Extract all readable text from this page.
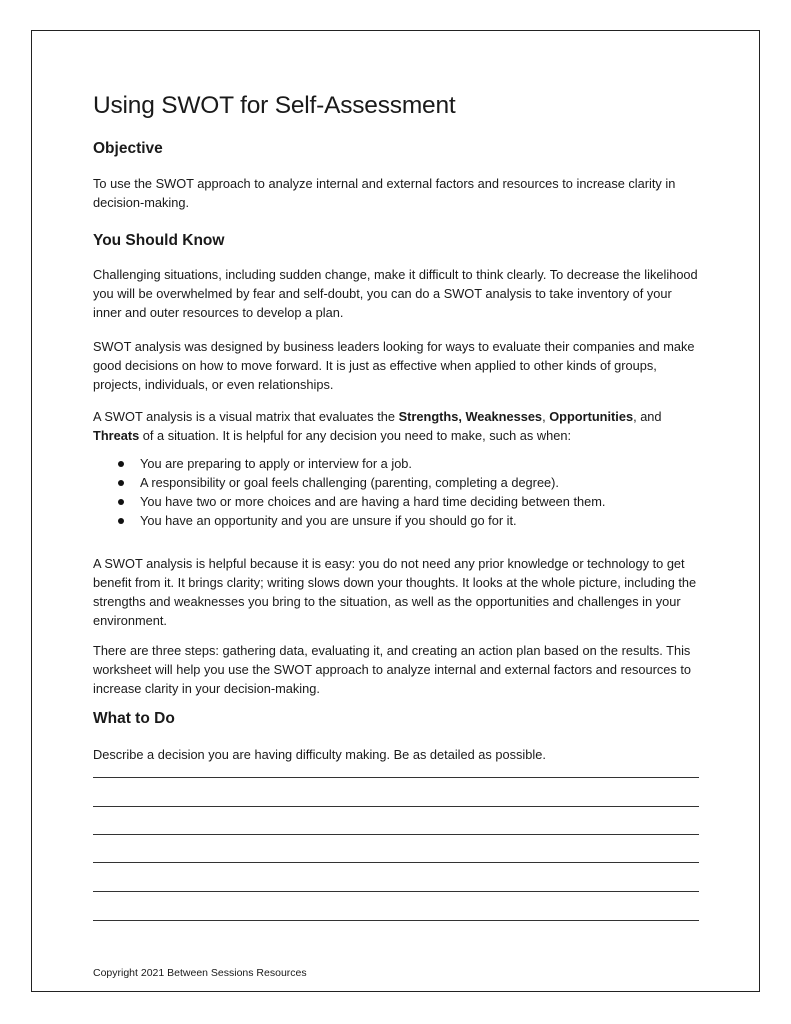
Using SWOT for Self-Assessment
Objective

To use the SWOT approach to analyze internal and external factors and resources to increase clarity in decision-making.

You Should Know

Challenging situations, including sudden change, make it difficult to think clearly. To decrease the likelihood you will be overwhelmed by fear and self-doubt, you can do a SWOT analysis to take inventory of your inner and outer resources to develop a plan.

SWOT analysis was designed by business leaders looking for ways to evaluate their companies and make good decisions on how to move forward. It is just as effective when applied to other kinds of groups, projects, individuals, or even relationships.

A SWOT analysis is a visual matrix that evaluates the Strengths, Weaknesses, Opportunities, and Threats of a situation. It is helpful for any decision you need to make, such as when:

You are preparing to apply or interview for a job.
A responsibility or goal feels challenging (parenting, completing a degree).
You have two or more choices and are having a hard time deciding between them.
You have an opportunity and you are unsure if you should go for it.

A SWOT analysis is helpful because it is easy: you do not need any prior knowledge or technology to get benefit from it. It brings clarity; writing slows down your thoughts. It looks at the whole picture, including the strengths and weaknesses you bring to the situation, as well as the opportunities and challenges in your environment.

There are three steps: gathering data, evaluating it, and creating an action plan based on the results. This worksheet will help you use the SWOT approach to analyze internal and external factors and resources to increase clarity in your decision-making.

What to Do

Describe a decision you are having difficulty making. Be as detailed as possible.

Copyright 2021 Between Sessions Resources
